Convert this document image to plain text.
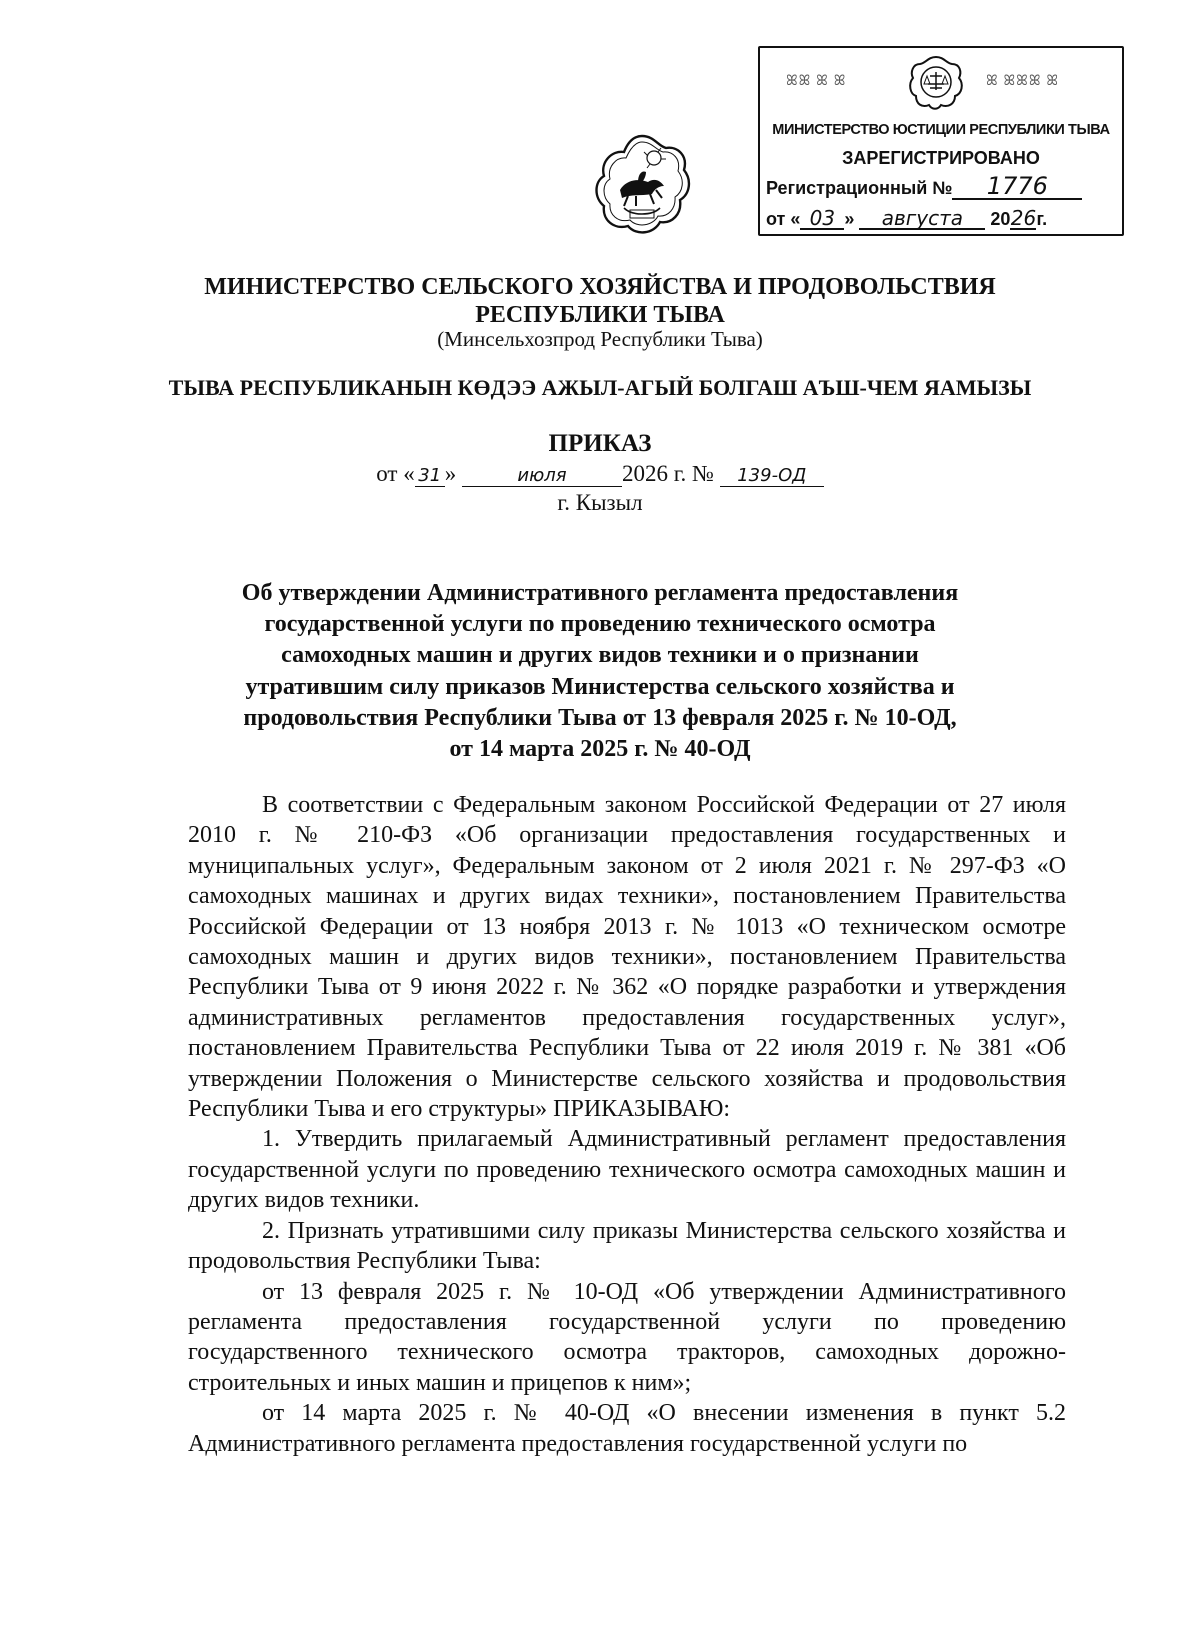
ꕤꕤ ꕤ ꕤ	ꕤ ꕤꕤꕤ ꕤ
МИНИСТЕРСТВО ЮСТИЦИИ РЕСПУБЛИКИ ТЫВА
ЗАРЕГИСТРИРОВАНО
Регистрационный № 1776
от « 03 » августа 2026г.
МИНИСТЕРСТВО СЕЛЬСКОГО ХОЗЯЙСТВА И ПРОДОВОЛЬСТВИЯ
РЕСПУБЛИКИ ТЫВА
(Минсельхозпрод Республики Тыва)
ТЫВА РЕСПУБЛИКАНЫН КӨДЭЭ АЖЫЛ-АГЫЙ БОЛГАШ АЪШ-ЧЕМ ЯАМЫЗЫ
ПРИКАЗ
от « 31 »	июля 2026 г. № 139-ОД
г. Кызыл
Об утверждении Административного регламента предоставления
государственной услуги по проведению технического осмотра
самоходных машин и других видов техники и о признании
утратившим силу приказов Министерства сельского хозяйства и
продовольствия Республики Тыва от 13 февраля 2025 г. № 10-ОД,
от 14 марта 2025 г. № 40-ОД

В соответствии с Федеральным законом Российской Федерации от 27 июля 2010 г. № 210-ФЗ «Об организации предоставления государственных и муниципальных услуг», Федеральным законом от 2 июля 2021 г. № 297-ФЗ «О самоходных машинах и других видах техники», постановлением Правительства Российской Федерации от 13 ноября 2013 г. № 1013 «О техническом осмотре самоходных машин и других видов техники», постановлением Правительства Республики Тыва от 9 июня 2022 г. № 362 «О порядке разработки и утверждения административных регламентов предоставления государственных услуг», постановлением Правительства Республики Тыва от 22 июля 2019 г. № 381 «Об утверждении Положения о Министерстве сельского хозяйства и продовольствия Республики Тыва и его структуры» ПРИКАЗЫВАЮ:

1. Утвердить прилагаемый Административный регламент предоставления государственной услуги по проведению технического осмотра самоходных машин и других видов техники.

2. Признать утратившими силу приказы Министерства сельского хозяйства и продовольствия Республики Тыва:

от 13 февраля 2025 г. № 10-ОД «Об утверждении Административного регламента предоставления государственной услуги по проведению государственного технического осмотра тракторов, самоходных дорожно-строительных и иных машин и прицепов к ним»;

от 14 марта 2025 г. № 40-ОД «О внесении изменения в пункт 5.2 Административного регламента предоставления государственной услуги по
